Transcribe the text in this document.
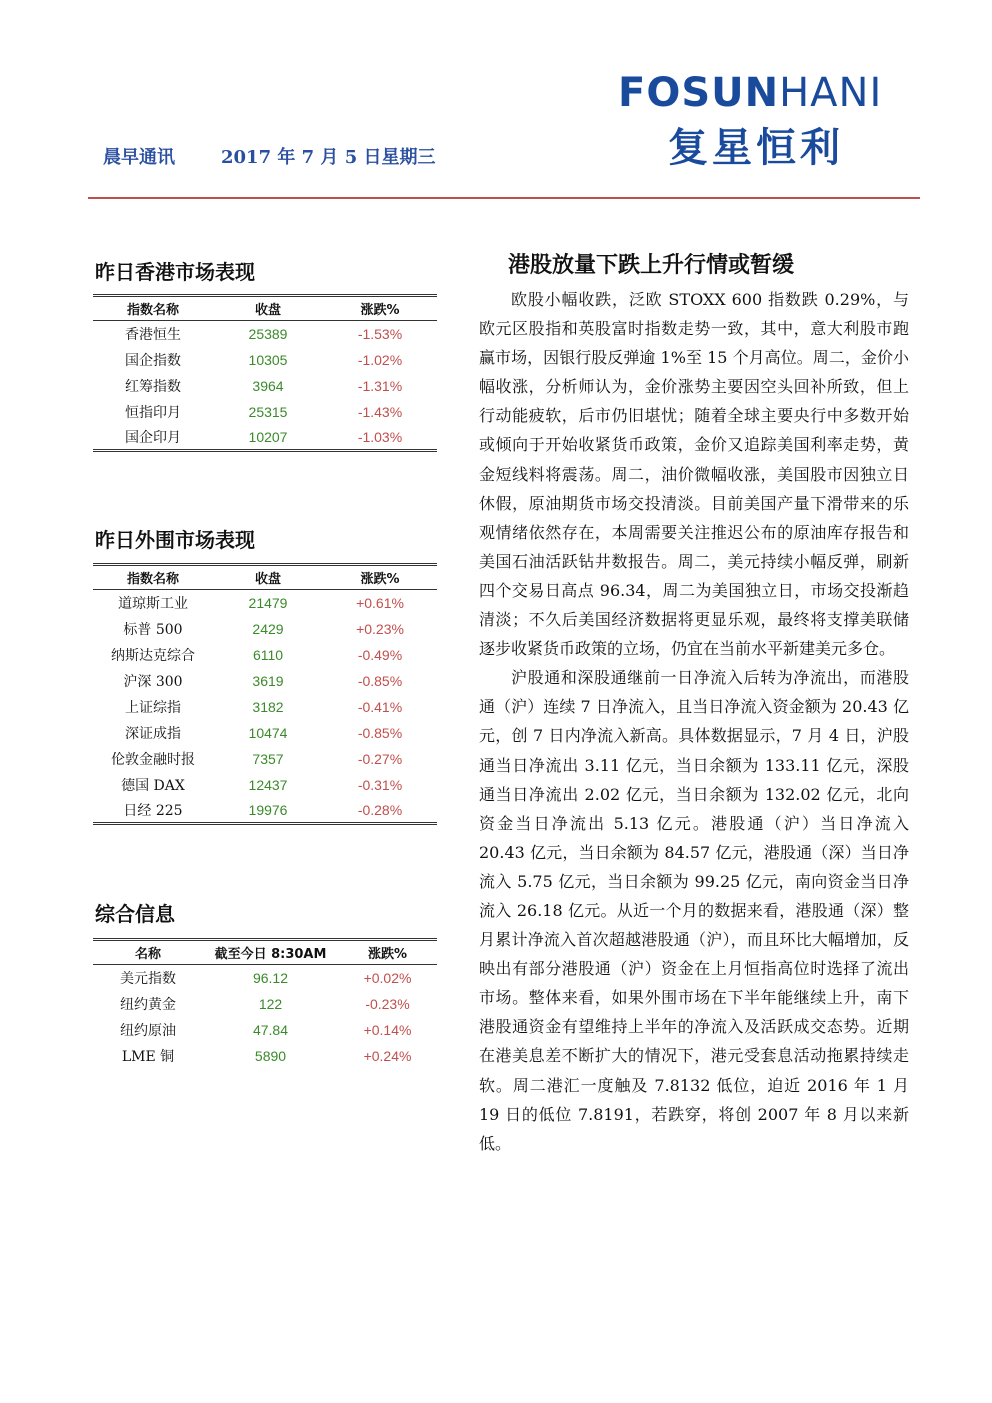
FOSUNHANI
复星恒利
晨早通讯	2017 年 7 月 5 日星期三
昨日香港市场表现
指数名称	收盘	涨跌%
香港恒生	25389	-1.53%
国企指数	10305	-1.02%
红筹指数	3964	-1.31%
恒指印月	25315	-1.43%
国企印月	10207	-1.03%
昨日外围市场表现
指数名称	收盘	涨跌%
道琼斯工业	21479	+0.61%
标普 500	2429	+0.23%
纳斯达克综合	6110	-0.49%
沪深 300	3619	-0.85%
上证综指	3182	-0.41%
深证成指	10474	-0.85%
伦敦金融时报	7357	-0.27%
德国 DAX	12437	-0.31%
日经 225	19976	-0.28%
综合信息
名称	截至今日 8:30AM	涨跌%
美元指数	96.12	+0.02%
纽约黄金	122	-0.23%
纽约原油	47.84	+0.14%
LME 铜	5890	+0.24%
港股放量下跌上升行情或暂缓

欧股小幅收跌，泛欧 STOXX 600 指数跌 0.29%，与欧元区股指和英股富时指数走势一致，其中，意大利股市跑赢市场，因银行股反弹逾 1%至 15 个月高位。周二，金价小幅收涨，分析师认为，金价涨势主要因空头回补所致，但上行动能疲软，后市仍旧堪忧；随着全球主要央行中多数开始或倾向于开始收紧货币政策，金价又追踪美国利率走势，黄金短线料将震荡。周二，油价微幅收涨，美国股市因独立日休假，原油期货市场交投清淡。目前美国产量下滑带来的乐观情绪依然存在，本周需要关注推迟公布的原油库存报告和美国石油活跃钻井数报告。周二，美元持续小幅反弹，刷新四个交易日高点 96.34，周二为美国独立日，市场交投渐趋清淡；不久后美国经济数据将更显乐观，最终将支撑美联储逐步收紧货币政策的立场，仍宜在当前水平新建美元多仓。

沪股通和深股通继前一日净流入后转为净流出，而港股通（沪）连续 7 日净流入，且当日净流入资金额为 20.43 亿元，创 7 日内净流入新高。具体数据显示，7 月 4 日，沪股通当日净流出 3.11 亿元，当日余额为 133.11 亿元，深股通当日净流出 2.02 亿元，当日余额为 132.02 亿元，北向资金当日净流出 5.13 亿元。港股通（沪）当日净流入 20.43 亿元，当日余额为 84.57 亿元，港股通（深）当日净流入 5.75 亿元，当日余额为 99.25 亿元，南向资金当日净流入 26.18 亿元。从近一个月的数据来看，港股通（深）整月累计净流入首次超越港股通（沪），而且环比大幅增加，反映出有部分港股通（沪）资金在上月恒指高位时选择了流出市场。整体来看，如果外围市场在下半年能继续上升，南下港股通资金有望维持上半年的净流入及活跃成交态势。近期在港美息差不断扩大的情况下，港元受套息活动拖累持续走软。周二港汇一度触及 7.8132 低位，迫近 2016 年 1 月 19 日的低位 7.8191，若跌穿，将创 2007 年 8 月以来新低。
